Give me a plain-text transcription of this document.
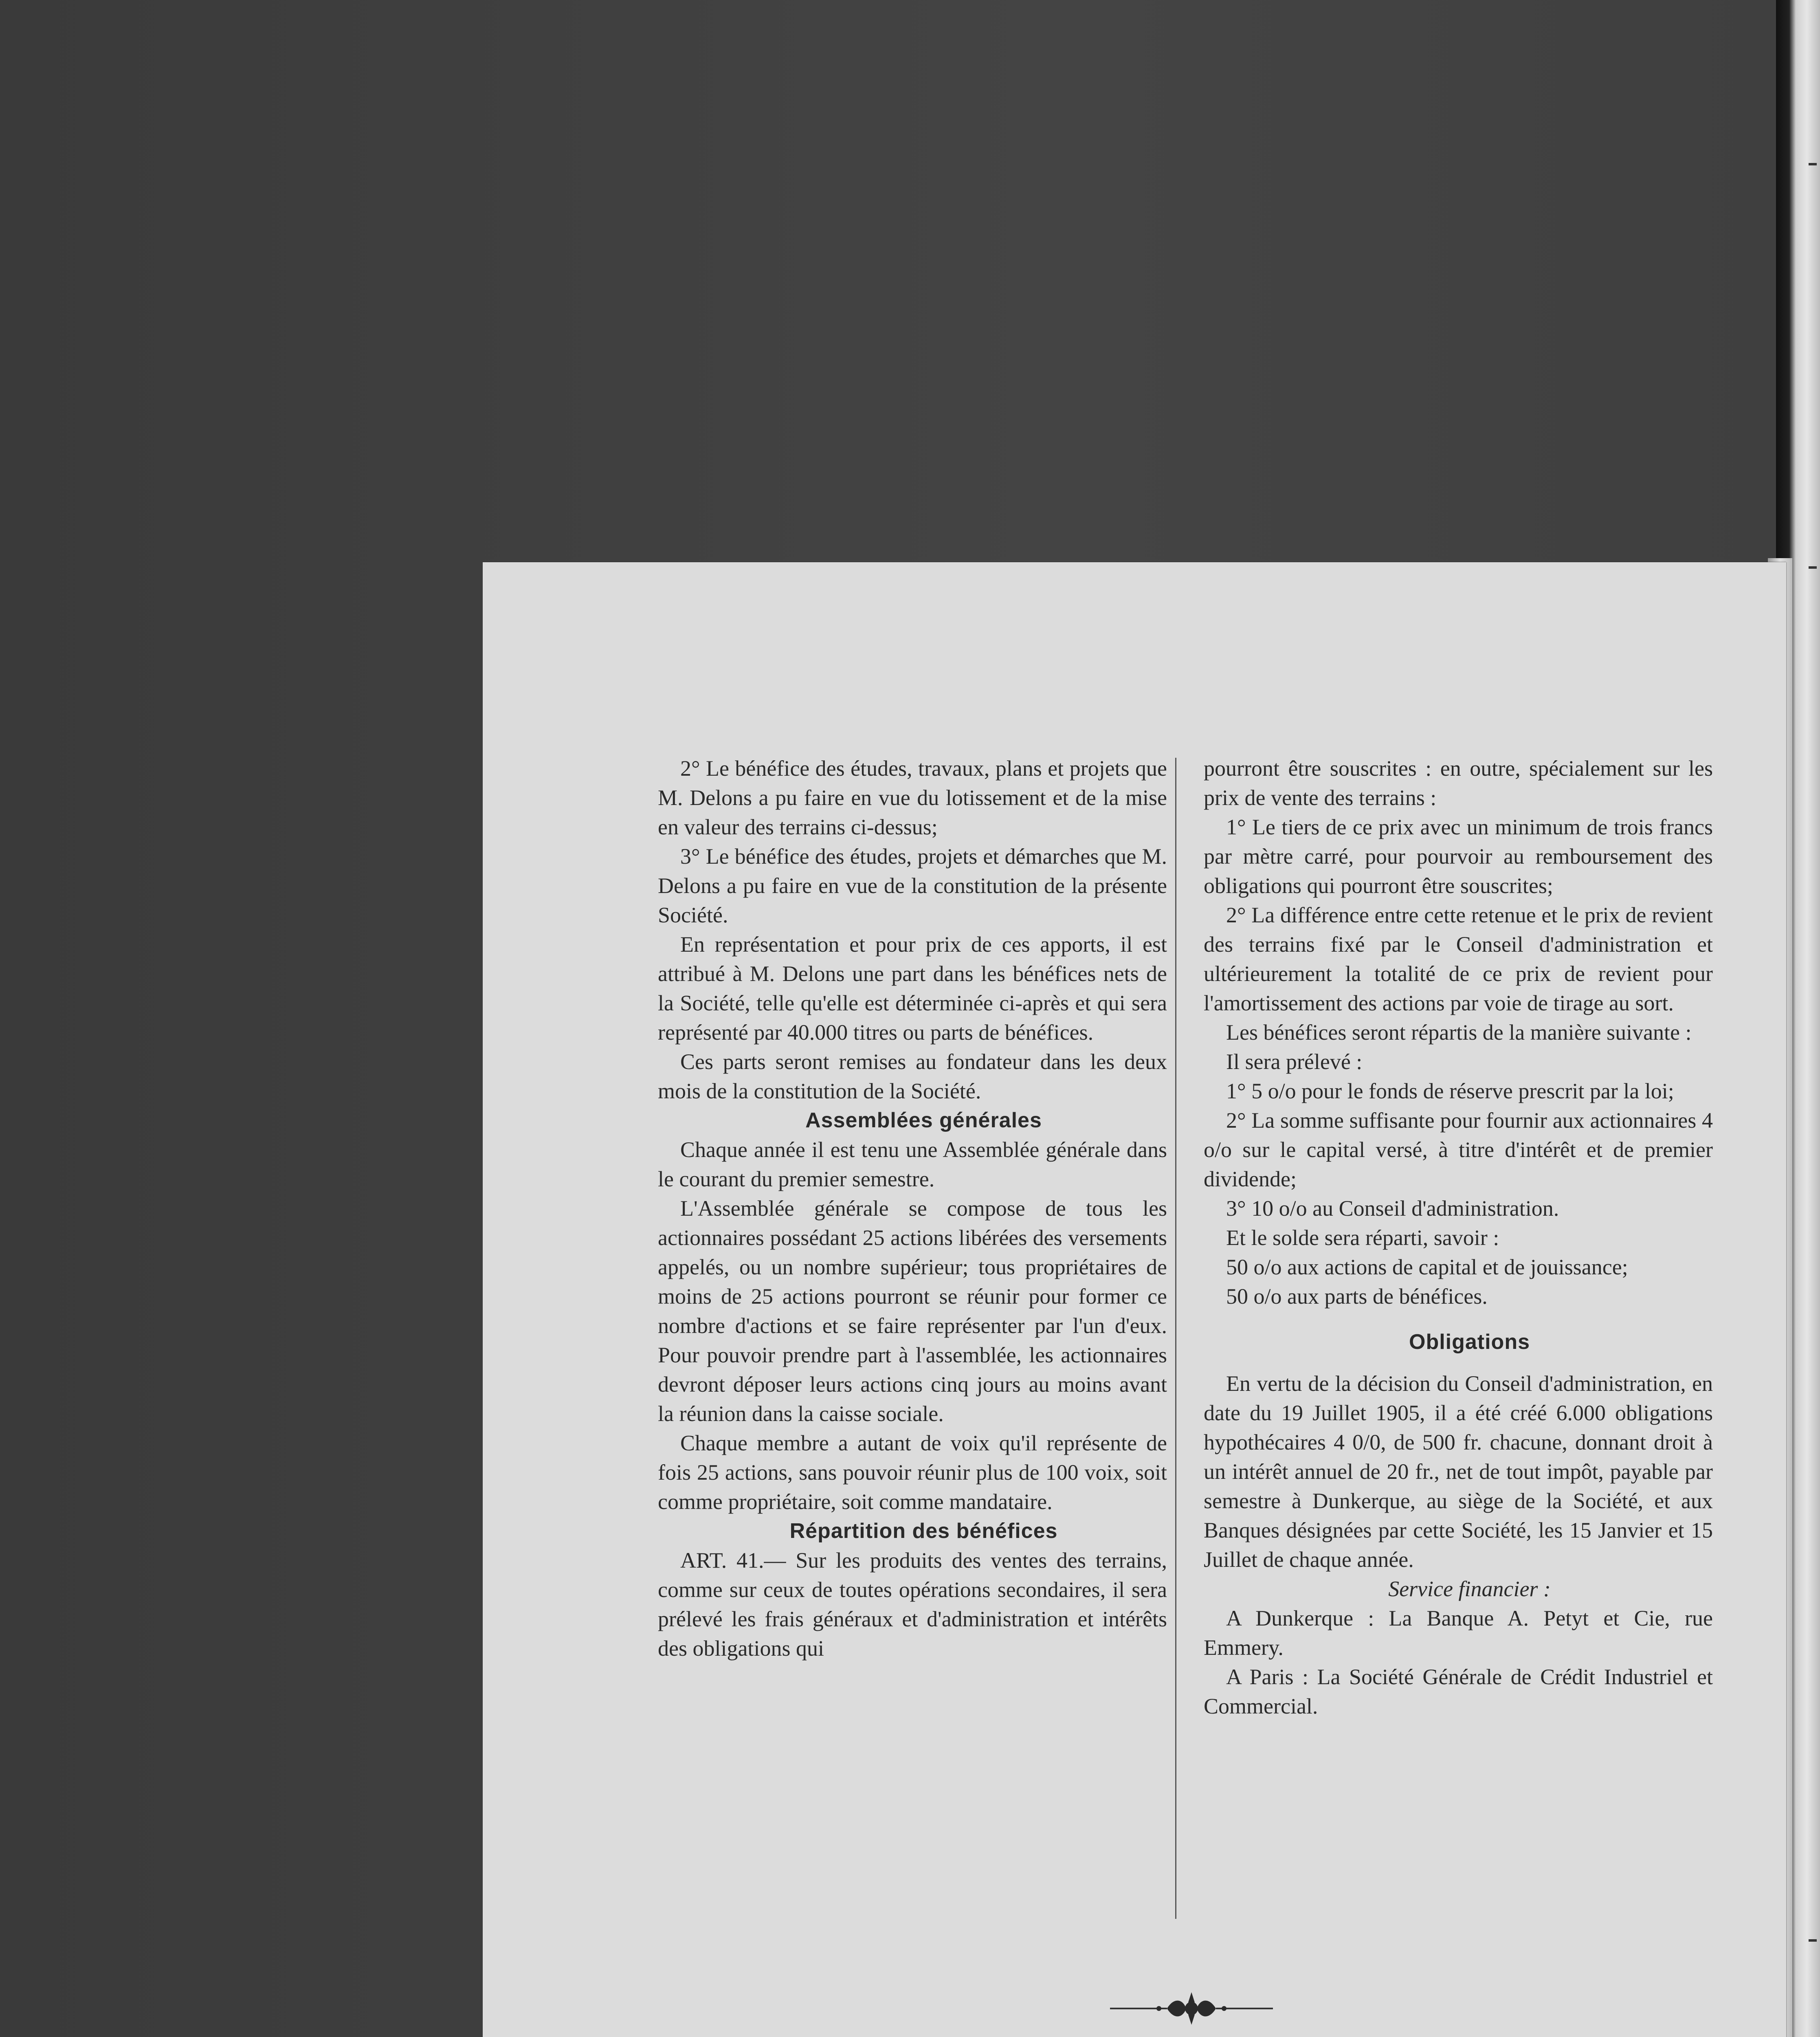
2° Le bénéfice des études, travaux, plans et projets que M. Delons a pu faire en vue du lotissement et de la mise en valeur des terrains ci-dessus;

3° Le bénéfice des études, projets et démarches que M. Delons a pu faire en vue de la constitution de la présente Société.

En représentation et pour prix de ces apports, il est attribué à M. Delons une part dans les bénéfices nets de la Société, telle qu'elle est déterminée ci-après et qui sera représenté par 40.000 titres ou parts de bénéfices.

Ces parts seront remises au fondateur dans les deux mois de la constitution de la Société.

Assemblées générales

Chaque année il est tenu une Assemblée générale dans le courant du premier semestre.

L'Assemblée générale se compose de tous les actionnaires possédant 25 actions libérées des versements appelés, ou un nombre supérieur; tous propriétaires de moins de 25 actions pourront se réunir pour former ce nombre d'actions et se faire représenter par l'un d'eux. Pour pouvoir prendre part à l'assemblée, les actionnaires devront déposer leurs actions cinq jours au moins avant la réunion dans la caisse sociale.

Chaque membre a autant de voix qu'il représente de fois 25 actions, sans pouvoir réunir plus de 100 voix, soit comme propriétaire, soit comme mandataire.

Répartition des bénéfices

ART. 41.— Sur les produits des ventes des terrains, comme sur ceux de toutes opérations secondaires, il sera prélevé les frais généraux et d'administration et intérêts des obligations qui

pourront être souscrites : en outre, spécialement sur les prix de vente des terrains :

1° Le tiers de ce prix avec un minimum de trois francs par mètre carré, pour pourvoir au remboursement des obligations qui pourront être souscrites;

2° La différence entre cette retenue et le prix de revient des terrains fixé par le Conseil d'administration et ultérieurement la totalité de ce prix de revient pour l'amortissement des actions par voie de tirage au sort.

Les bénéfices seront répartis de la manière suivante :

Il sera prélevé :

1° 5 o/o pour le fonds de réserve prescrit par la loi;

2° La somme suffisante pour fournir aux actionnaires 4 o/o sur le capital versé, à titre d'intérêt et de premier dividende;

3° 10 o/o au Conseil d'administration.

Et le solde sera réparti, savoir :

50 o/o aux actions de capital et de jouissance;

50 o/o aux parts de bénéfices.

Obligations

En vertu de la décision du Conseil d'administration, en date du 19 Juillet 1905, il a été créé 6.000 obligations hypothécaires 4 0/0, de 500 fr. chacune, donnant droit à un intérêt annuel de 20 fr., net de tout impôt, payable par semestre à Dunkerque, au siège de la Société, et aux Banques désignées par cette Société, les 15 Janvier et 15 Juillet de chaque année.

Service financier :

A Dunkerque : La Banque A. Petyt et Cie, rue Emmery.

A Paris : La Société Générale de Crédit Industriel et Commercial.
